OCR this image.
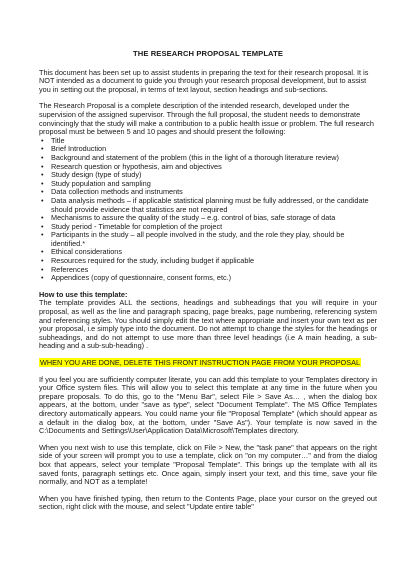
THE RESEARCH PROPOSAL TEMPLATE

This document has been set up to assist students in preparing the text for their research proposal. It is NOT intended as a document to guide you through your research proposal development, but to assist you in setting out the proposal, in terms of text layout, section headings and sub-sections.

The Research Proposal is a complete description of the intended research, developed under the supervision of the assigned supervisor. Through the full proposal, the student needs to demonstrate convincingly that the study will make a contribution to a public health issue or problem. The full research proposal must be between 5 and 10 pages and should present the following:

• Title
• Brief Introduction
• Background and statement of the problem (this in the light of a thorough literature review)
• Research question or hypothesis, aim and objectives
• Study design (type of study)
• Study population and sampling
• Data collection methods and instruments
• Data analysis methods – if applicable statistical planning must be fully addressed, or the candidate should provide evidence that statistics are not required
• Mechanisms to assure the quality of the study – e.g. control of bias, safe storage of data
• Study period - Timetable for completion of the project
• Participants in the study – all people involved in the study, and the role they play, should be identified.*
• Ethical considerations
• Resources required for the study, including budget if applicable
• References
• Appendices (copy of questionnaire, consent forms, etc.)
How to use this template:

The template provides ALL the sections, headings and subheadings that you will require in your proposal, as well as the line and paragraph spacing, page breaks, page numbering, referencing system and referencing styles. You should simply edit the text where appropriate and insert your own text as per your proposal, i.e simply type into the document. Do not attempt to change the styles for the headings or subheadings, and do not attempt to use more than three level headings (i.e A main heading, a sub-heading and a sub-sub-heading) .

WHEN YOU ARE DONE, DELETE THIS FRONT INSTRUCTION PAGE FROM YOUR PROPOSAL

If you feel you are sufficiently computer literate, you can add this template to your Templates directory in your Office system files. This will allow you to select this template at any time in the future when you prepare proposals. To do this, go to the "Menu Bar", select File > Save As… , when the dialog box appears, at the bottom, under "save as type", select "Document Template". The MS Office Templates directory automatically appears. You could name your file "Proposal Template" (which should appear as a default in the dialog box, at the bottom, under "Save As"). Your template is now saved in the C:\Documents and Settings\User\Application Data\Microsoft\Templates directory.

When you next wish to use this template, click on File > New, the "task pane" that appears on the right side of your screen will prompt you to use a template, click on "on my computer…" and from the dialog box that appears, select your template "Proposal Template". This brings up the template with all its saved fonts, paragraph settings etc. Once again, simply insert your text, and this time, save your file normally, and NOT as a template!

When you have finished typing, then return to the Contents Page, place your cursor on the greyed out section, right click with the mouse, and select "Update entire table"
